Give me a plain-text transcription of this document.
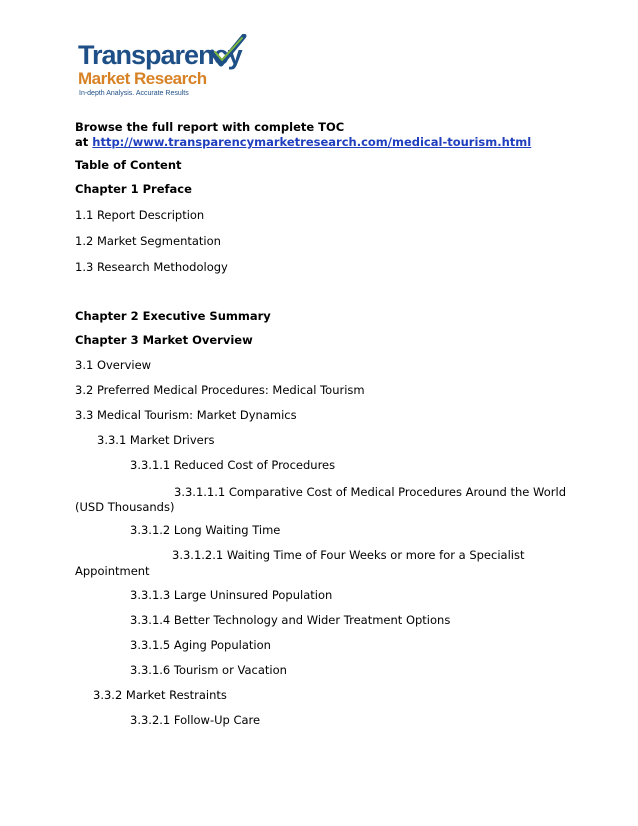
Transparency
Market Research
In-depth Analysis. Accurate Results
Browse the full report with complete TOC
at http://www.transparencymarketresearch.com/medical-tourism.html
Table of Content
Chapter 1 Preface
1.1 Report Description
1.2 Market Segmentation
1.3 Research Methodology
Chapter 2 Executive Summary
Chapter 3 Market Overview
3.1 Overview
3.2 Preferred Medical Procedures: Medical Tourism
3.3 Medical Tourism: Market Dynamics
3.3.1 Market Drivers
3.3.1.1 Reduced Cost of Procedures
3.3.1.1.1 Comparative Cost of Medical Procedures Around the World
(USD Thousands)
3.3.1.2 Long Waiting Time
3.3.1.2.1 Waiting Time of Four Weeks or more for a Specialist
Appointment
3.3.1.3 Large Uninsured Population
3.3.1.4 Better Technology and Wider Treatment Options
3.3.1.5 Aging Population
3.3.1.6 Tourism or Vacation
3.3.2 Market Restraints
3.3.2.1 Follow-Up Care
